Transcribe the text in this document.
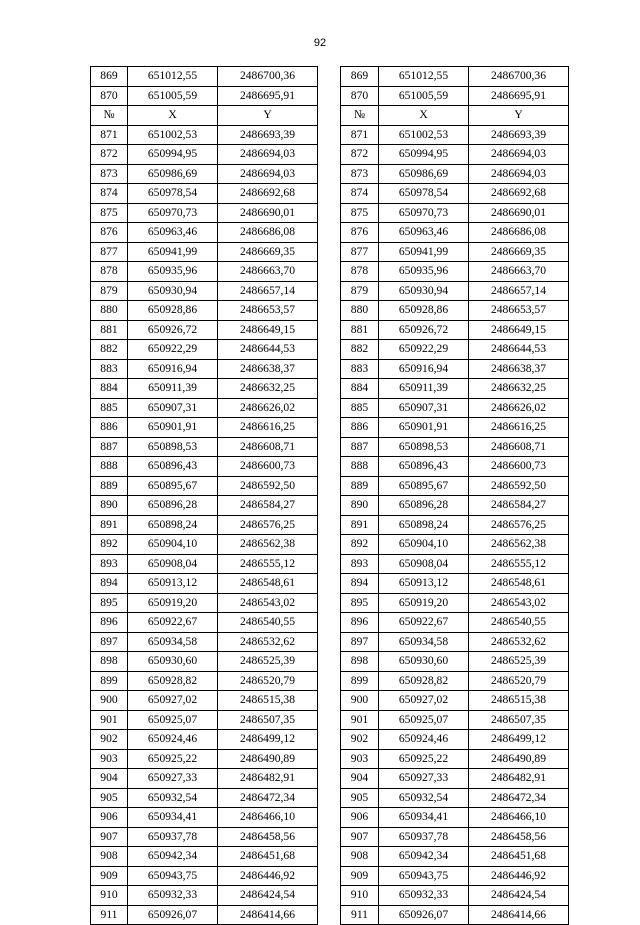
92
869	651012,55	2486700,36
870	651005,59	2486695,91
№	X	Y
871	651002,53	2486693,39
872	650994,95	2486694,03
873	650986,69	2486694,03
874	650978,54	2486692,68
875	650970,73	2486690,01
876	650963,46	2486686,08
877	650941,99	2486669,35
878	650935,96	2486663,70
879	650930,94	2486657,14
880	650928,86	2486653,57
881	650926,72	2486649,15
882	650922,29	2486644,53
883	650916,94	2486638,37
884	650911,39	2486632,25
885	650907,31	2486626,02
886	650901,91	2486616,25
887	650898,53	2486608,71
888	650896,43	2486600,73
889	650895,67	2486592,50
890	650896,28	2486584,27
891	650898,24	2486576,25
892	650904,10	2486562,38
893	650908,04	2486555,12
894	650913,12	2486548,61
895	650919,20	2486543,02
896	650922,67	2486540,55
897	650934,58	2486532,62
898	650930,60	2486525,39
899	650928,82	2486520,79
900	650927,02	2486515,38
901	650925,07	2486507,35
902	650924,46	2486499,12
903	650925,22	2486490,89
904	650927,33	2486482,91
905	650932,54	2486472,34
906	650934,41	2486466,10
907	650937,78	2486458,56
908	650942,34	2486451,68
909	650943,75	2486446,92
910	650932,33	2486424,54
911	650926,07	2486414,66
869	651012,55	2486700,36
870	651005,59	2486695,91
№	X	Y
871	651002,53	2486693,39
872	650994,95	2486694,03
873	650986,69	2486694,03
874	650978,54	2486692,68
875	650970,73	2486690,01
876	650963,46	2486686,08
877	650941,99	2486669,35
878	650935,96	2486663,70
879	650930,94	2486657,14
880	650928,86	2486653,57
881	650926,72	2486649,15
882	650922,29	2486644,53
883	650916,94	2486638,37
884	650911,39	2486632,25
885	650907,31	2486626,02
886	650901,91	2486616,25
887	650898,53	2486608,71
888	650896,43	2486600,73
889	650895,67	2486592,50
890	650896,28	2486584,27
891	650898,24	2486576,25
892	650904,10	2486562,38
893	650908,04	2486555,12
894	650913,12	2486548,61
895	650919,20	2486543,02
896	650922,67	2486540,55
897	650934,58	2486532,62
898	650930,60	2486525,39
899	650928,82	2486520,79
900	650927,02	2486515,38
901	650925,07	2486507,35
902	650924,46	2486499,12
903	650925,22	2486490,89
904	650927,33	2486482,91
905	650932,54	2486472,34
906	650934,41	2486466,10
907	650937,78	2486458,56
908	650942,34	2486451,68
909	650943,75	2486446,92
910	650932,33	2486424,54
911	650926,07	2486414,66
